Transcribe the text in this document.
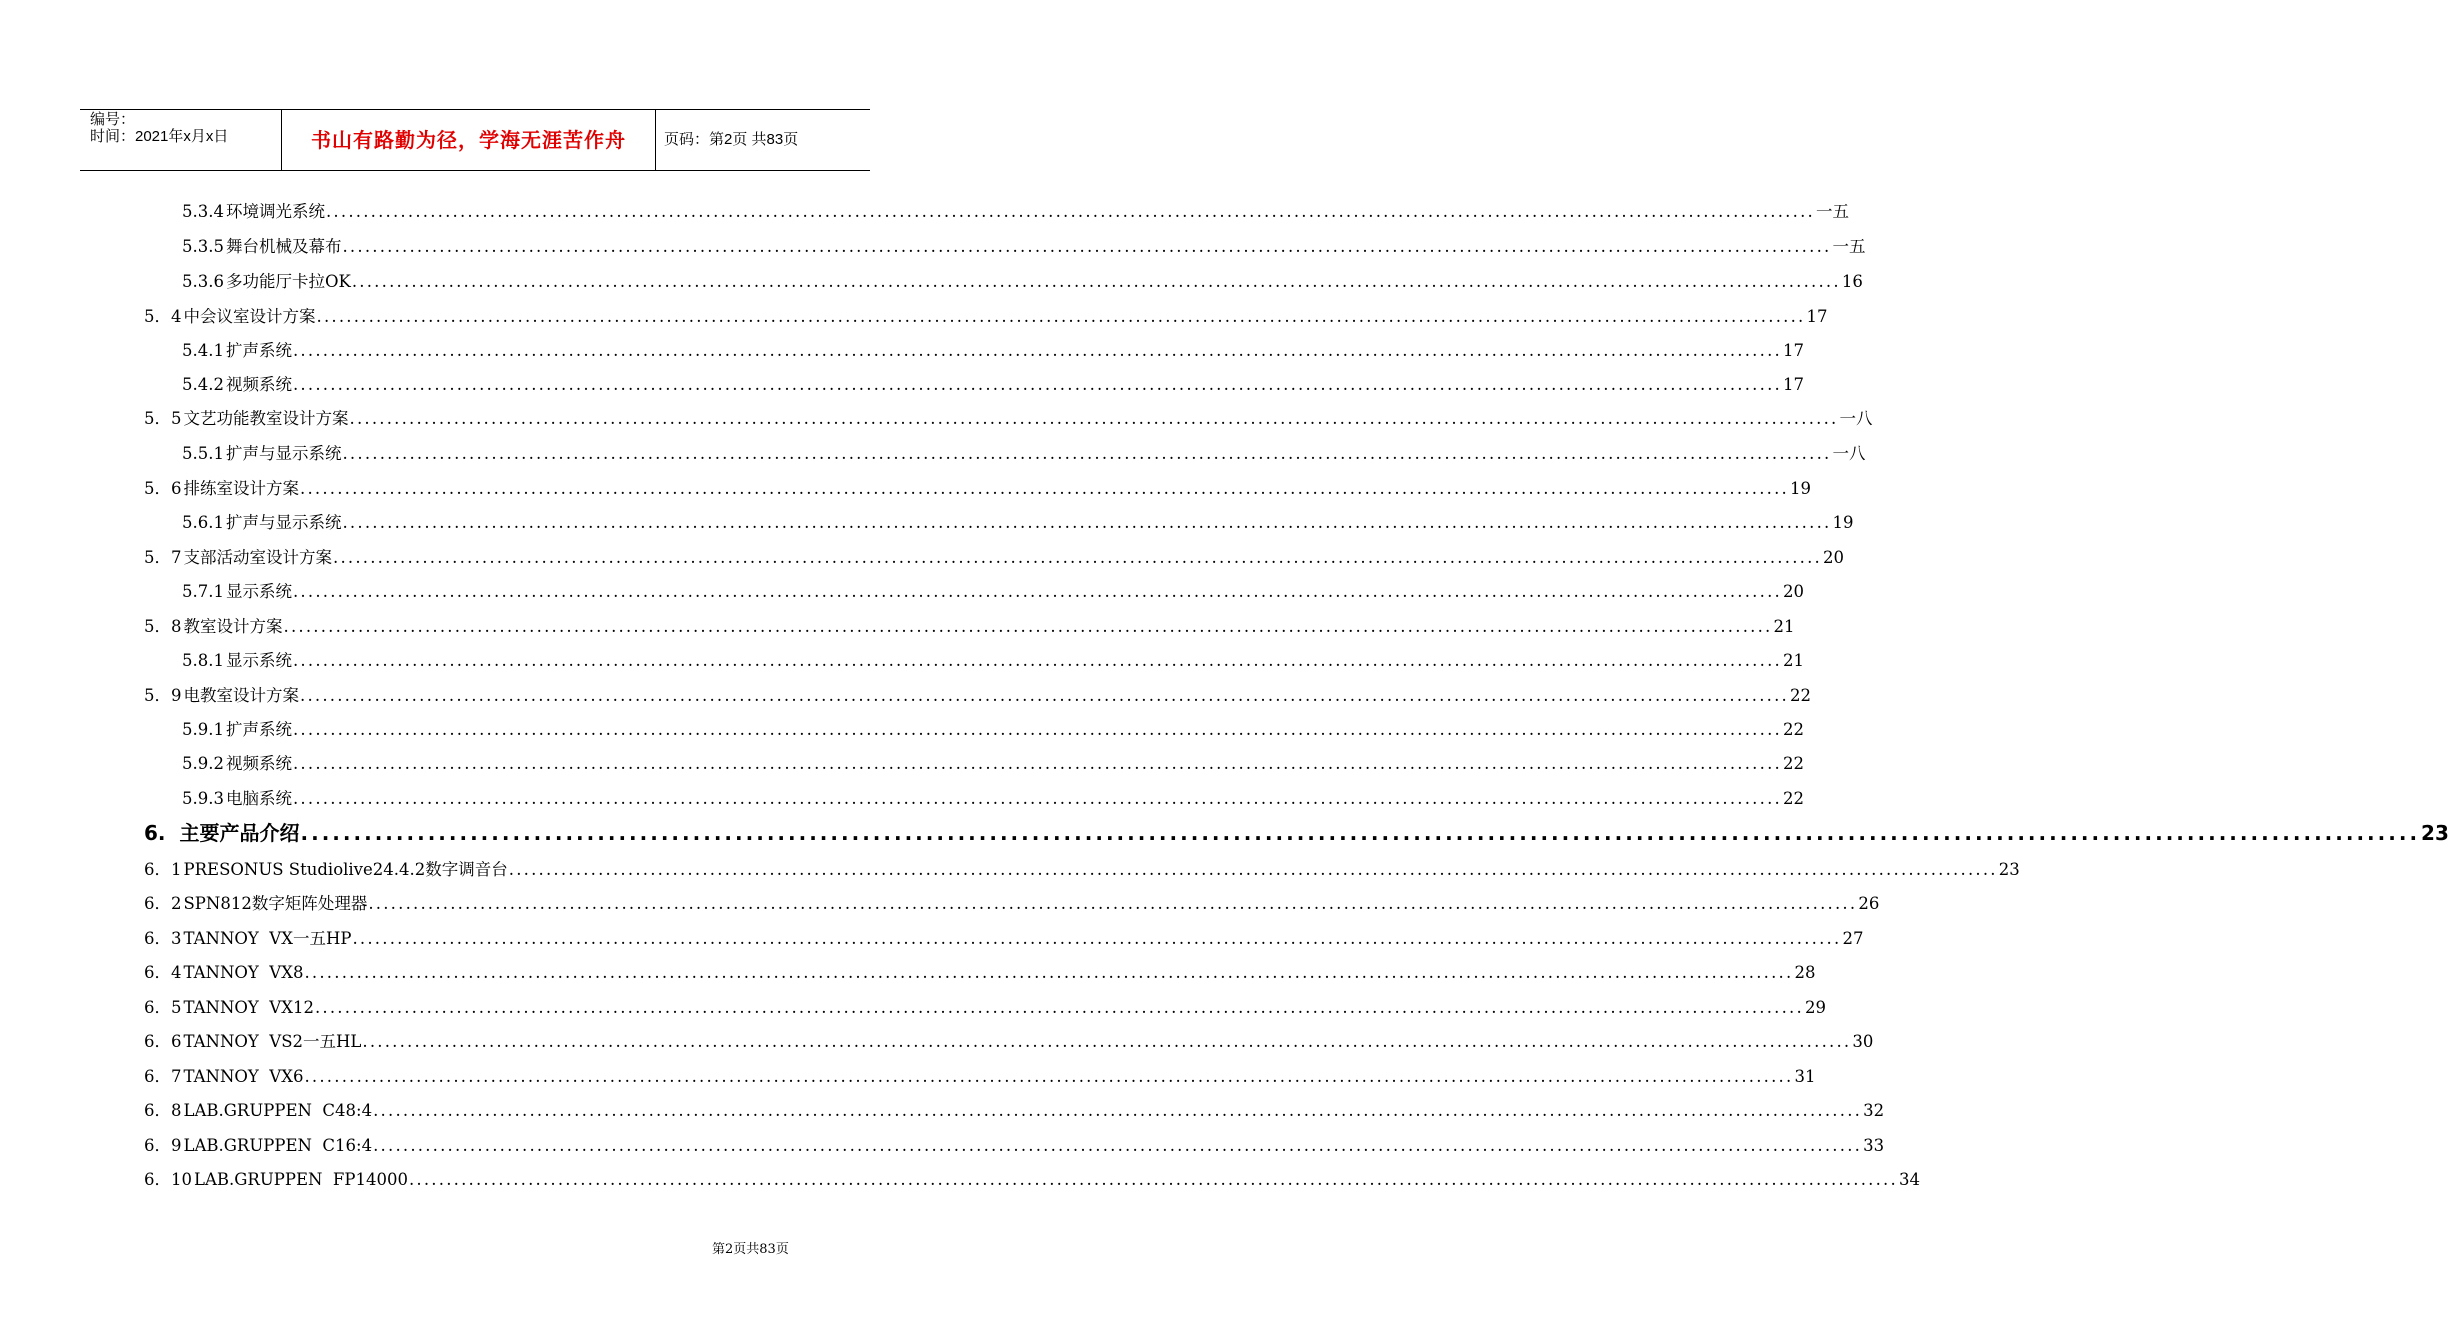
编号：
时间：2021年x月x日	书山有路勤为径，学海无涯苦作舟	页码：第2页 共83页
5.3.4 环境调光系统 ........................................................................................................................................................................................................ 一五
5.3.5 舞台机械及幕布 ........................................................................................................................................................................................................ 一五
5.3.6 多功能厅卡拉OK ........................................................................................................................................................................................................ 16
5．4 中会议室设计方案 ........................................................................................................................................................................................................ 17
5.4.1 扩声系统 ........................................................................................................................................................................................................ 17
5.4.2 视频系统 ........................................................................................................................................................................................................ 17
5．5 文艺功能教室设计方案 ........................................................................................................................................................................................................ 一八
5.5.1 扩声与显示系统 ........................................................................................................................................................................................................ 一八
5．6 排练室设计方案 ........................................................................................................................................................................................................ 19
5.6.1 扩声与显示系统 ........................................................................................................................................................................................................ 19
5．7 支部活动室设计方案 ........................................................................................................................................................................................................ 20
5.7.1 显示系统 ........................................................................................................................................................................................................ 20
5．8 教室设计方案 ........................................................................................................................................................................................................ 21
5.8.1 显示系统 ........................................................................................................................................................................................................ 21
5．9 电教室设计方案 ........................................................................................................................................................................................................ 22
5.9.1 扩声系统 ........................................................................................................................................................................................................ 22
5.9.2 视频系统 ........................................................................................................................................................................................................ 22
5.9.3 电脑系统 ........................................................................................................................................................................................................ 22
6. 主要产品介绍 ........................................................................................................................................................................................................ 23
6．1 PRESONUS Studiolive24.4.2数字调音台 ........................................................................................................................................................................................................ 23
6．2 SPN812数字矩阵处理器 ........................................................................................................................................................................................................ 26
6．3 TANNOY  VX一五HP ........................................................................................................................................................................................................ 27
6．4 TANNOY  VX8 ........................................................................................................................................................................................................ 28
6．5 TANNOY  VX12 ........................................................................................................................................................................................................ 29
6．6 TANNOY  VS2一五HL ........................................................................................................................................................................................................ 30
6．7 TANNOY  VX6 ........................................................................................................................................................................................................ 31
6．8 LAB.GRUPPEN  C48:4 ........................................................................................................................................................................................................ 32
6．9 LAB.GRUPPEN  C16:4 ........................................................................................................................................................................................................ 33
6．10 LAB.GRUPPEN  FP14000 ........................................................................................................................................................................................................ 34
第2页共83页
